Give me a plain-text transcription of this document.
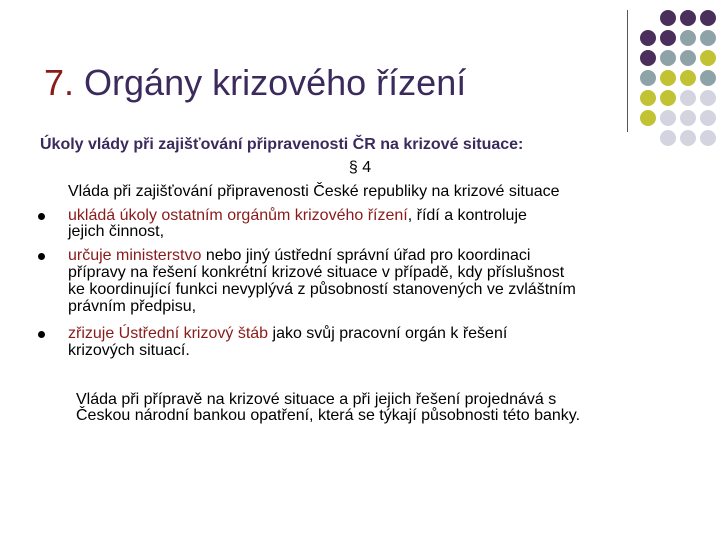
7. Orgány krizového řízení
Úkoly vlády při zajišťování připravenosti ČR na krizové situace:
§ 4
Vláda při zajišťování připravenosti České republiky na krizové situace
ukládá úkoly ostatním orgánům krizového řízení, řídí a kontroluje
jejich činnost,
určuje ministerstvo nebo jiný ústřední správní úřad pro koordinaci
přípravy na řešení konkrétní krizové situace v případě, kdy příslušnost
ke koordinující funkci nevyplývá z působností stanovených ve zvláštním
právním předpisu,
zřizuje Ústřední krizový štáb jako svůj pracovní orgán k řešení
krizových situací.
Vláda při přípravě na krizové situace a při jejich řešení projednává s
Českou národní bankou opatření, která se týkají působnosti této banky.
